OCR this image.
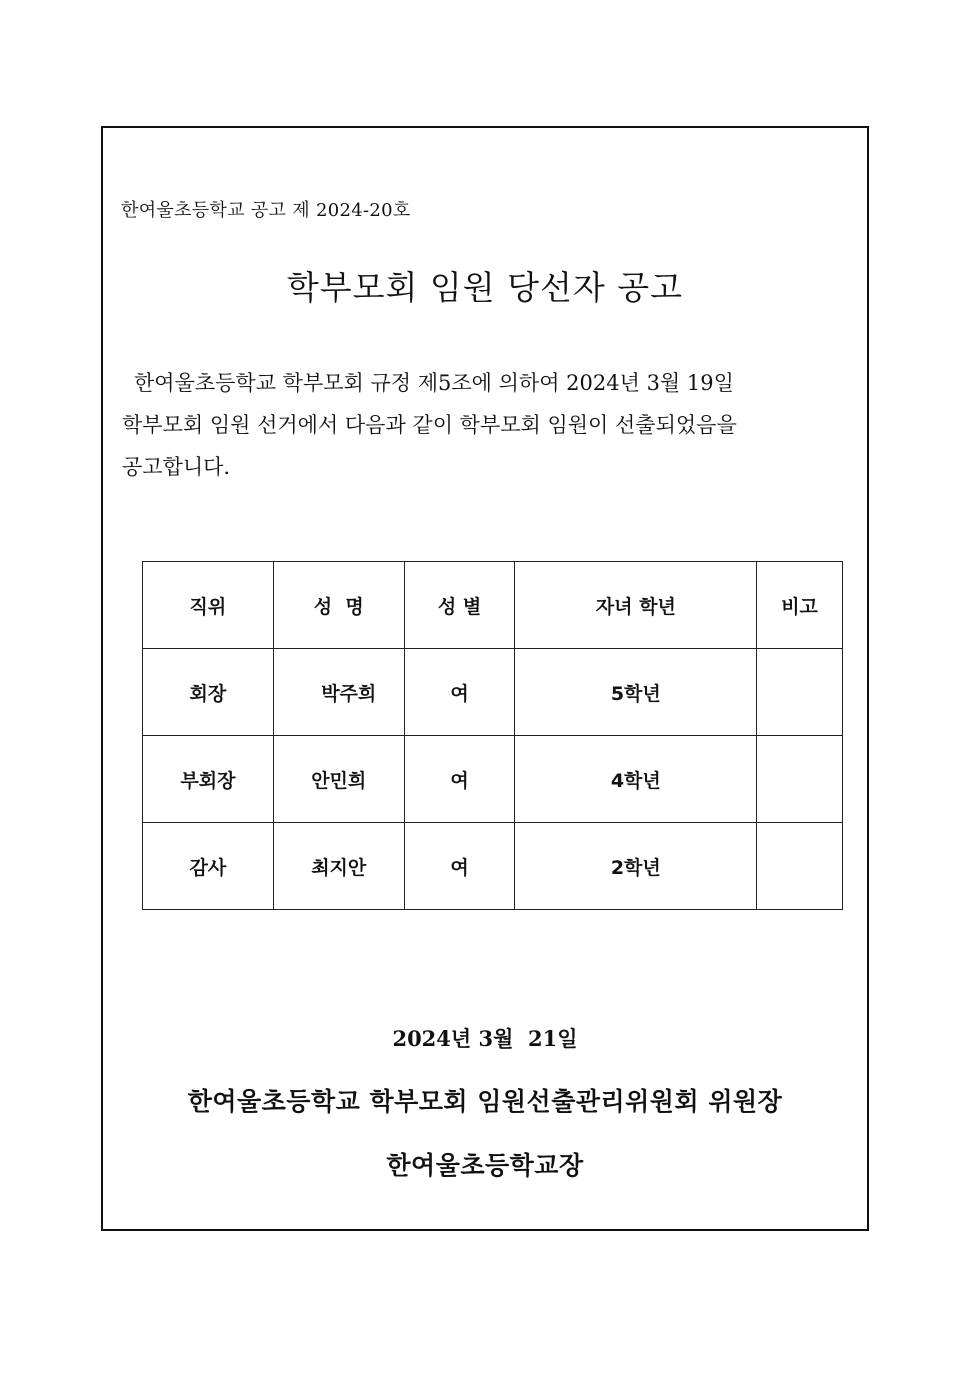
한여울초등학교 공고 제 2024-20호
학부모회 임원 당선자 공고
한여울초등학교 학부모회 규정 제5조에 의하여 2024년 3월 19일
학부모회 임원 선거에서 다음과 같이 학부모회 임원이 선출되었음을
공고합니다.
직위	성  명	성 별	자녀 학년	비고
회장	박주희	여	5학년	
부회장	안민희	여	4학년	
감사	최지안	여	2학년	
2024년 3월  21일
한여울초등학교 학부모회 임원선출관리위원회 위원장
한여울초등학교장
